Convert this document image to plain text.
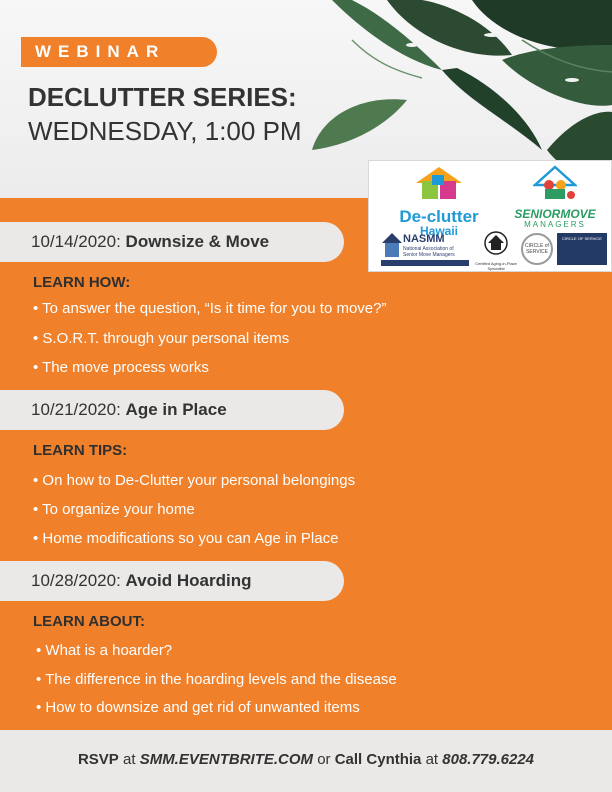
WEBINAR
DECLUTTER SERIES:
WEDNESDAY, 1:00 PM
De-clutter
Hawaii
SENIORMOVE
MANAGERS
NASMM
National Association of Senior Move Managers
Certified Aging-in-Place Specialist
CIRCLE of SERVICE
CIRCLE OF SERVICE
10/14/2020: Downsize & Move
LEARN HOW:
• To answer the question, “Is it time for you to move?”
• S.O.R.T. through your personal items
• The move process works
10/21/2020: Age in Place
LEARN TIPS:
• On how to De-Clutter your personal belongings
• To organize your home
• Home modifications so you can Age in Place
10/28/2020: Avoid Hoarding
LEARN ABOUT:
• What is a hoarder?
• The difference in the hoarding levels and the disease
• How to downsize and get rid of unwanted items
RSVP at SMM.EVENTBRITE.COM or Call Cynthia at 808.779.6224
